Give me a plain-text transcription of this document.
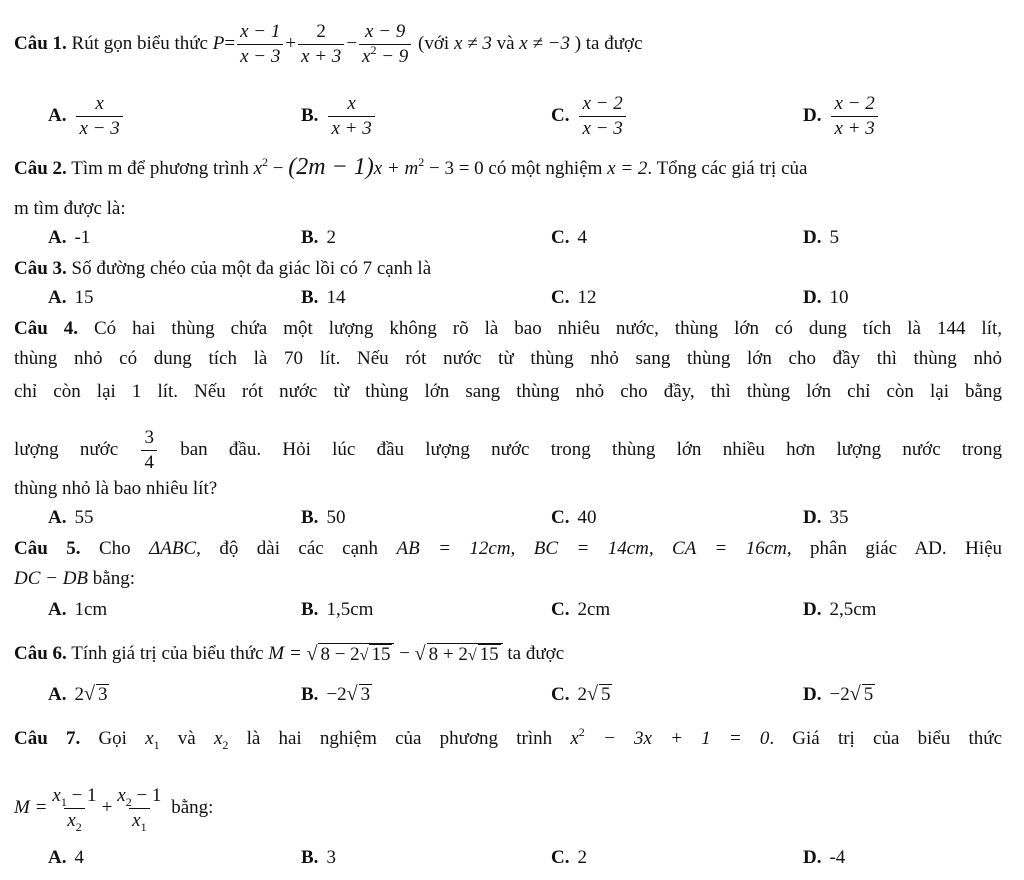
Câu 1. Rút gọn biểu thức $P= \frac{x - 1}{x - 3} + \frac{2}{x + 3} - \frac{x - 9}{x^2 - 9}$ (với x ≠ 3 và x ≠ −3 ) ta được
A. $\frac{x}{x - 3}$	B. $\frac{x}{x + 3}$	C. $\frac{x - 2}{x - 3}$	D. $\frac{x - 2}{x + 3}$
Câu 2. Tìm m để phương trình $x^2 - (2m - 1)x + m^2 - 3 = 0$ có một nghiệm x = 2. Tổng các giá trị của
m tìm được là:
A. -1	B. 2	C. 4	D. 5
Câu 3. Số đường chéo của một đa giác lồi có 7 cạnh là
A. 15	B. 14	C. 12	D. 10
Câu 4. Có hai thùng chứa một lượng không rõ là bao nhiêu nước, thùng lớn có dung tích là 144 lít,
thùng nhỏ có dung tích là 70 lít. Nếu rót nước từ thùng nhỏ sang thùng lớn cho đầy thì thùng nhỏ
chỉ còn lại 1 lít. Nếu rót nước từ thùng lớn sang thùng nhỏ cho đầy, thì thùng lớn chỉ còn lại bằng
lượng nước $\frac{3}{4}$ ban đầu. Hỏi lúc đầu lượng nước trong thùng lớn nhiều hơn lượng nước trong
thùng nhỏ là bao nhiêu lít?
A. 55	B. 50	C. 40	D. 35
Câu 5. Cho ΔABC, độ dài các cạnh AB = 12cm, BC = 14cm, CA = 16cm, phân giác AD. Hiệu
DC − DB bằng:
A. 1cm	B. 1,5cm	C. 2cm	D. 2,5cm
Câu 6. Tính giá trị của biểu thức M = √ 8 − 2√ 15 − √ 8 + 2√ 15 ta được
A. 2√ 3	B. −2√ 3	C. 2√ 5	D. −2√ 5
Câu 7. Gọi $x_1$ và $x_2$ là hai nghiệm của phương trình $x^2 - 3x + 1 = 0$. Giá trị của biểu thức
$M = \frac{x_1 - 1}{x_2} + \frac{x_2 - 1}{x_1}$ bằng:
A. 4	B. 3	C. 2	D. -4
